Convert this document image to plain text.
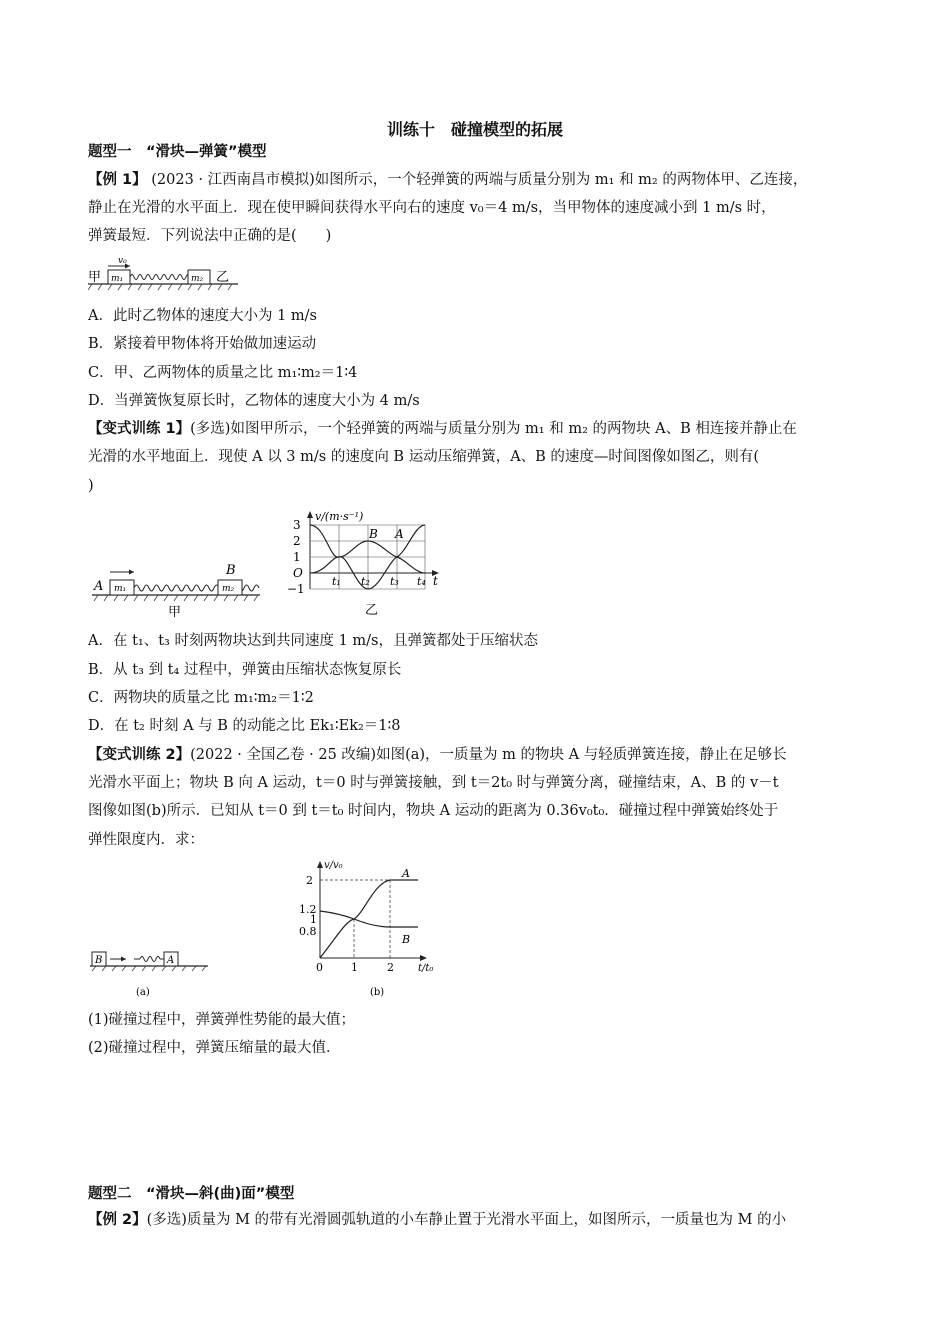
训练十　碰撞模型的拓展
题型一　“滑块—弹簧”模型
【例 1】 (2023 · 江西南昌市模拟)如图所示，一个轻弹簧的两端与质量分别为 m₁ 和 m₂ 的两物体甲、乙连接，
静止在光滑的水平面上．现在使甲瞬间获得水平向右的速度 v₀＝4 m/s，当甲物体的速度减小到 1 m/s 时，
弹簧最短．下列说法中正确的是(　　)
甲 m₁	m₂ 乙
v₀
A．此时乙物体的速度大小为 1 m/s
B．紧接着甲物体将开始做加速运动
C．甲、乙两物体的质量之比 m₁∶m₂＝1∶4
D．当弹簧恢复原长时，乙物体的速度大小为 4 m/s
【变式训练 1】(多选)如图甲所示，一个轻弹簧的两端与质量分别为 m₁ 和 m₂ 的两物块 A、B 相连接并静止在
光滑的水平地面上．现使 A 以 3 m/s 的速度向 B 运动压缩弹簧，A、B 的速度—时间图像如图乙，则有(
)
A m₁	m₂
B
甲
3
2
1
O
−1
v/(m·s⁻¹)
t₁ t₂ t₃ t₄ t
B A
乙
A．在 t₁、t₃ 时刻两物块达到共同速度 1 m/s，且弹簧都处于压缩状态
B．从 t₃ 到 t₄ 过程中，弹簧由压缩状态恢复原长
C．两物块的质量之比 m₁∶m₂＝1∶2
D．在 t₂ 时刻 A 与 B 的动能之比 Ek₁∶Ek₂＝1∶8
【变式训练 2】(2022 · 全国乙卷 · 25 改编)如图(a)，一质量为 m 的物块 A 与轻质弹簧连接，静止在足够长
光滑水平面上；物块 B 向 A 运动，t＝0 时与弹簧接触，到 t＝2t₀ 时与弹簧分离，碰撞结束，A、B 的 v－t
图像如图(b)所示．已知从 t＝0 到 t＝t₀ 时间内，物块 A 运动的距离为 0.36v₀t₀．碰撞过程中弹簧始终处于
弹性限度内．求：
B	A
(a)
2
1.2
1
0.8
v/v₀
0	1	2 t/t₀
A
B
(b)
(1)碰撞过程中，弹簧弹性势能的最大值；
(2)碰撞过程中，弹簧压缩量的最大值．
题型二　“滑块—斜(曲)面”模型
【例 2】(多选)质量为 M 的带有光滑圆弧轨道的小车静止置于光滑水平面上，如图所示，一质量也为 M 的小
